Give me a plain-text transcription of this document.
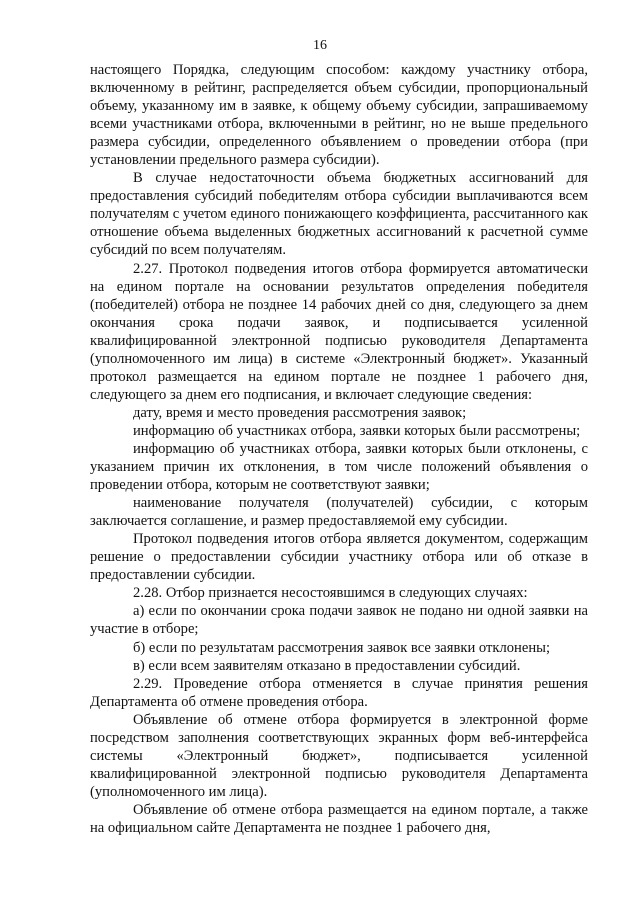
16

настоящего Порядка, следующим способом: каждому участнику отбора, включенному в рейтинг, распределяется объем субсидии, пропорциональный объему, указанному им в заявке, к общему объему субсидии, запрашиваемому всеми участниками отбора, включенными в рейтинг, но не выше предельного размера субсидии, определенного объявлением о проведении отбора (при установлении предельного размера субсидии).

В случае недостаточности объема бюджетных ассигнований для предоставления субсидий победителям отбора субсидии выплачиваются всем получателям с учетом единого понижающего коэффициента, рассчитанного как отношение объема выделенных бюджетных ассигнований к расчетной сумме субсидий по всем получателям.

2.27. Протокол подведения итогов отбора формируется автоматически на едином портале на основании результатов определения победителя (победителей) отбора не позднее 14 рабочих дней со дня, следующего за днем окончания срока подачи заявок, и подписывается усиленной квалифицированной электронной подписью руководителя Департамента (уполномоченного им лица) в системе «Электронный бюджет». Указанный протокол размещается на едином портале не позднее 1 рабочего дня, следующего за днем его подписания, и включает следующие сведения:

дату, время и место проведения рассмотрения заявок;

информацию об участниках отбора, заявки которых были рассмотрены;

информацию об участниках отбора, заявки которых были отклонены, с указанием причин их отклонения, в том числе положений объявления о проведении отбора, которым не соответствуют заявки;

наименование получателя (получателей) субсидии, с которым заключается соглашение, и размер предоставляемой ему субсидии.

Протокол подведения итогов отбора является документом, содержащим решение о предоставлении субсидии участнику отбора или об отказе в предоставлении субсидии.

2.28. Отбор признается несостоявшимся в следующих случаях:

а) если по окончании срока подачи заявок не подано ни одной заявки на участие в отборе;

б) если по результатам рассмотрения заявок все заявки отклонены;

в) если всем заявителям отказано в предоставлении субсидий.

2.29. Проведение отбора отменяется в случае принятия решения Департамента об отмене проведения отбора.

Объявление об отмене отбора формируется в электронной форме посредством заполнения соответствующих экранных форм веб-интерфейса системы «Электронный бюджет», подписывается усиленной квалифицированной электронной подписью руководителя Департамента (уполномоченного им лица).

Объявление об отмене отбора размещается на едином портале, а также на официальном сайте Департамента не позднее 1 рабочего дня,
